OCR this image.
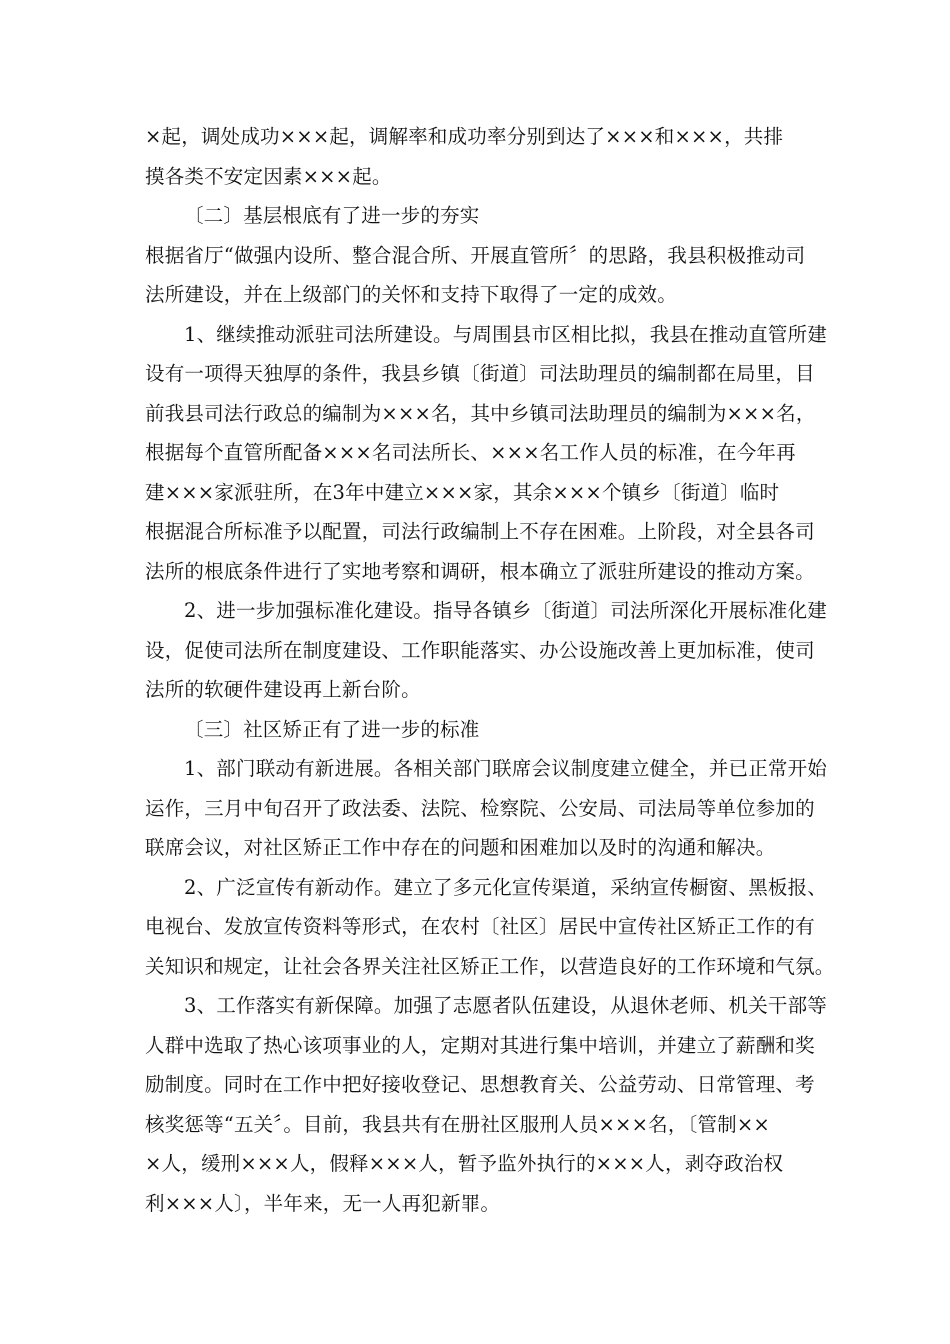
×起，调处成功×××起，调解率和成功率分别到达了×××和×××，共排
摸各类不安定因素×××起。

〔二〕基层根底有了进一步的夯实

根据省厅“做强内设所、整合混合所、开展直管所〞的思路，我县积极推动司
法所建设，并在上级部门的关怀和支持下取得了一定的成效。

1、继续推动派驻司法所建设。与周围县市区相比拟，我县在推动直管所建
设有一项得天独厚的条件，我县乡镇〔街道〕司法助理员的编制都在局里，目
前我县司法行政总的编制为×××名，其中乡镇司法助理员的编制为×××名，
根据每个直管所配备×××名司法所长、×××名工作人员的标准，在今年再
建×××家派驻所，在3年中建立×××家，其余×××个镇乡〔街道〕临时
根据混合所标准予以配置，司法行政编制上不存在困难。上阶段，对全县各司
法所的根底条件进行了实地考察和调研，根本确立了派驻所建设的推动方案。

2、进一步加强标准化建设。指导各镇乡〔街道〕司法所深化开展标准化建
设，促使司法所在制度建设、工作职能落实、办公设施改善上更加标准，使司
法所的软硬件建设再上新台阶。

〔三〕社区矫正有了进一步的标准

1、部门联动有新进展。各相关部门联席会议制度建立健全，并已正常开始
运作，三月中旬召开了政法委、法院、检察院、公安局、司法局等单位参加的
联席会议，对社区矫正工作中存在的问题和困难加以及时的沟通和解决。

2、广泛宣传有新动作。建立了多元化宣传渠道，采纳宣传橱窗、黑板报、
电视台、发放宣传资料等形式，在农村〔社区〕居民中宣传社区矫正工作的有
关知识和规定，让社会各界关注社区矫正工作，以营造良好的工作环境和气氛。

3、工作落实有新保障。加强了志愿者队伍建设，从退休老师、机关干部等
人群中选取了热心该项事业的人，定期对其进行集中培训，并建立了薪酬和奖
励制度。同时在工作中把好接收登记、思想教育关、公益劳动、日常管理、考
核奖惩等“五关〞。目前，我县共有在册社区服刑人员×××名，〔管制××
×人，缓刑×××人，假释×××人，暂予监外执行的×××人，剥夺政治权
利×××人〕，半年来，无一人再犯新罪。
